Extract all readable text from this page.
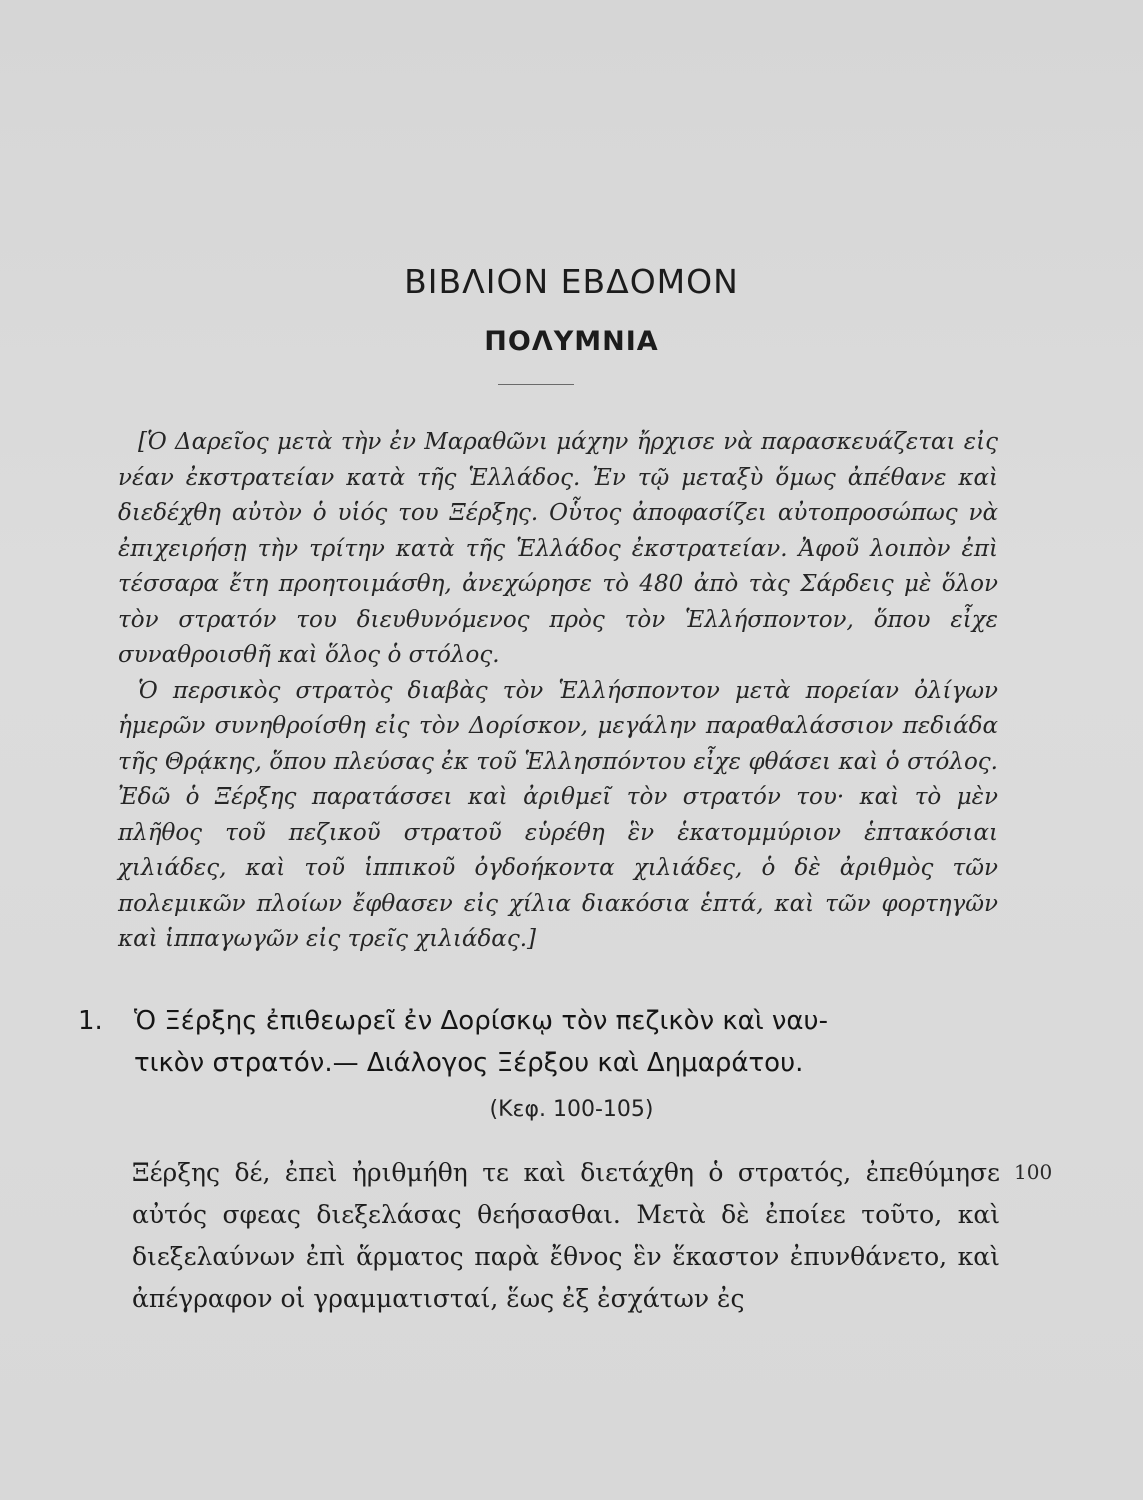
ΒΙΒΛΙΟΝ ΕΒΔΟΜΟΝ
ΠΟΛΥΜΝΙΑ

[Ὁ Δαρεῖος μετὰ τὴν ἐν Μαραθῶνι μάχην ἤρχισε νὰ παρασκευάζεται εἰς νέαν ἐκστρατείαν κατὰ τῆς Ἑλλάδος. Ἐν τῷ μεταξὺ ὅμως ἀπέθανε καὶ διεδέχθη αὐτὸν ὁ υἱός του Ξέρξης. Οὗτος ἀποφασίζει αὐτοπροσώπως νὰ ἐπιχειρήσῃ τὴν τρίτην κατὰ τῆς Ἑλλάδος ἐκστρατείαν. Ἀφοῦ λοιπὸν ἐπὶ τέσσαρα ἔτη προητοιμάσθη, ἀνεχώρησε τὸ 480 ἀπὸ τὰς Σάρδεις μὲ ὅλον τὸν στρατόν του διευθυνόμενος πρὸς τὸν Ἑλλήσποντον, ὅπου εἶχε συναθροισθῆ καὶ ὅλος ὁ στόλος.

Ὁ περσικὸς στρατὸς διαβὰς τὸν Ἑλλήσποντον μετὰ πορείαν ὀλίγων ἡμερῶν συνηθροίσθη εἰς τὸν Δορίσκον, μεγάλην παραθαλάσσιον πεδιάδα τῆς Θρᾴκης, ὅπου πλεύσας ἐκ τοῦ Ἑλλησπόντου εἶχε φθάσει καὶ ὁ στόλος. Ἐδῶ ὁ Ξέρξης παρατάσσει καὶ ἀριθμεῖ τὸν στρατόν του· καὶ τὸ μὲν πλῆθος τοῦ πεζικοῦ στρατοῦ εὑρέθη ἓν ἑκατομμύριον ἑπτακόσιαι χιλιάδες, καὶ τοῦ ἱππικοῦ ὀγδοήκοντα χιλιάδες, ὁ δὲ ἀριθμὸς τῶν πολεμικῶν πλοίων ἔφθασεν εἰς χίλια διακόσια ἑπτά, καὶ τῶν φορτηγῶν καὶ ἱππαγωγῶν εἰς τρεῖς χιλιάδας.]

1. Ὁ Ξέρξης ἐπιθεωρεῖ ἐν Δορίσκῳ τὸν πεζικὸν καὶ ναυ-
τικὸν στρατόν.— Διάλογος Ξέρξου καὶ Δημαράτου.
(Κεφ. 100-105)

Ξέρξης δέ, ἐπεὶ ἠριθμήθη τε καὶ διετάχθη ὁ στρατός, ἐπεθύμησε αὐτός σφεας διεξελάσας θεήσασθαι. Μετὰ δὲ ἐποίεε τοῦτο, καὶ διεξελαύνων ἐπὶ ἅρματος παρὰ ἔθνος ἓν ἕκαστον ἐπυνθάνετο, καὶ ἀπέγραφον οἱ γραμματισταί, ἕως ἐξ ἐσχάτων ἐς

100
